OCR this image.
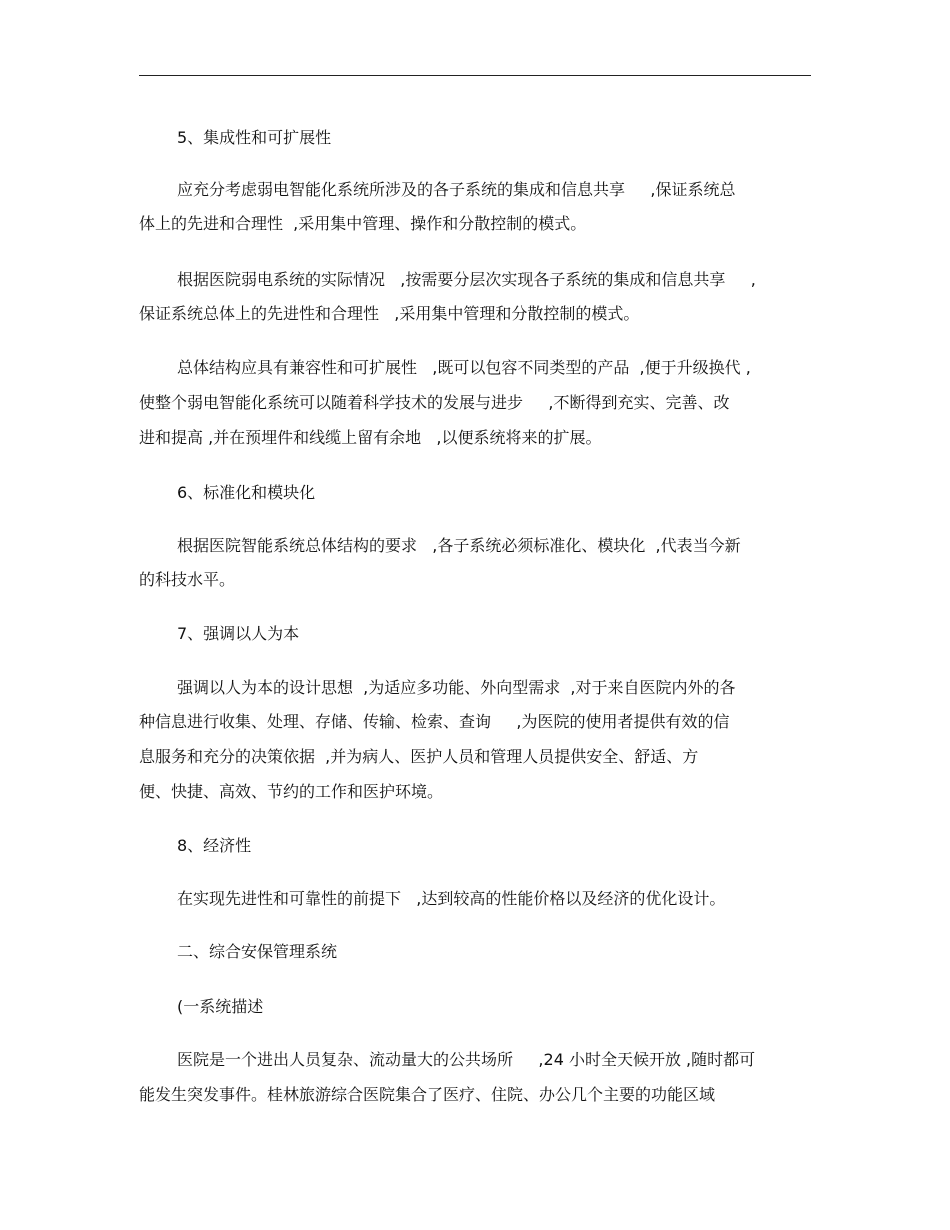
5、集成性和可扩展性
应充分考虑弱电智能化系统所涉及的各子系统的集成和信息共享     ,保证系统总
体上的先进和合理性  ,采用集中管理、操作和分散控制的模式。
根据医院弱电系统的实际情况   ,按需要分层次实现各子系统的集成和信息共享     ,
保证系统总体上的先进性和合理性   ,采用集中管理和分散控制的模式。
总体结构应具有兼容性和可扩展性   ,既可以包容不同类型的产品  ,便于升级换代 ,
使整个弱电智能化系统可以随着科学技术的发展与进步     ,不断得到充实、完善、改
进和提高 ,并在预埋件和线缆上留有余地   ,以便系统将来的扩展。
6、标准化和模块化
根据医院智能系统总体结构的要求   ,各子系统必须标准化、模块化  ,代表当今新
的科技水平。
7、强调以人为本
强调以人为本的设计思想  ,为适应多功能、外向型需求  ,对于来自医院内外的各
种信息进行收集、处理、存储、传输、检索、查询     ,为医院的使用者提供有效的信
息服务和充分的决策依据  ,并为病人、医护人员和管理人员提供安全、舒适、方
便、快捷、高效、节约的工作和医护环境。
8、经济性
在实现先进性和可靠性的前提下   ,达到较高的性能价格以及经济的优化设计。
二、综合安保管理系统
(一系统描述
医院是一个进出人员复杂、流动量大的公共场所     ,24 小时全天候开放 ,随时都可
能发生突发事件。桂林旅游综合医院集合了医疗、住院、办公几个主要的功能区域
